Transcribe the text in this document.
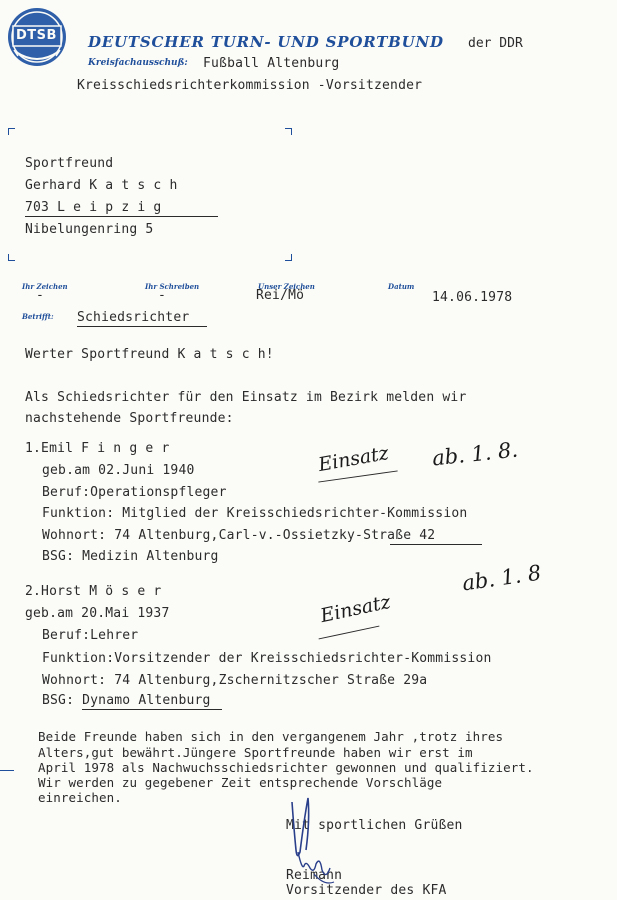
DTSB DEUTSCHER TURN- UND SPORTBUND der DDR
Kreisfachausschuß: Fußball Altenburg
Kreisschiedsrichterkommission -Vorsitzender
Sportfreund
Gerhard K a t s c h
703 L e i p z i g
Nibelungenring 5
Ihr Zeichen
-
Ihr Schreiben
-
Unser Zeichen
Rei/Mö
Datum
14.06.1978
Betrifft: Schiedsrichter
Werter Sportfreund K a t s c h!
Als Schiedsrichter für den Einsatz im Bezirk melden wir
nachstehende Sportfreunde:
1.Emil F i n g e r
geb.am 02.Juni 1940
Beruf:Operationspfleger
Funktion: Mitglied der Kreisschiedsrichter-Kommission
Wohnort: 74 Altenburg,Carl-v.-Ossietzky-Straße 42
BSG: Medizin Altenburg
2.Horst M ö s e r
geb.am 20.Mai 1937
Beruf:Lehrer
Funktion:Vorsitzender der Kreisschiedsrichter-Kommission
Wohnort: 74 Altenburg,Zschernitzscher Straße 29a
BSG: Dynamo Altenburg
Beide Freunde haben sich in den vergangenem Jahr ,trotz ihres
Alters,gut bewährt.Jüngere Sportfreunde haben wir erst im
April 1978 als Nachwuchsschiedsrichter gewonnen und qualifiziert.
Wir werden zu gegebener Zeit entsprechende Vorschläge
einreichen.
Mit sportlichen Grüßen
Reimann
Vorsitzender des KFA
Einsatz ab. 1. 8.
ab. 1. 8
Einsatz
